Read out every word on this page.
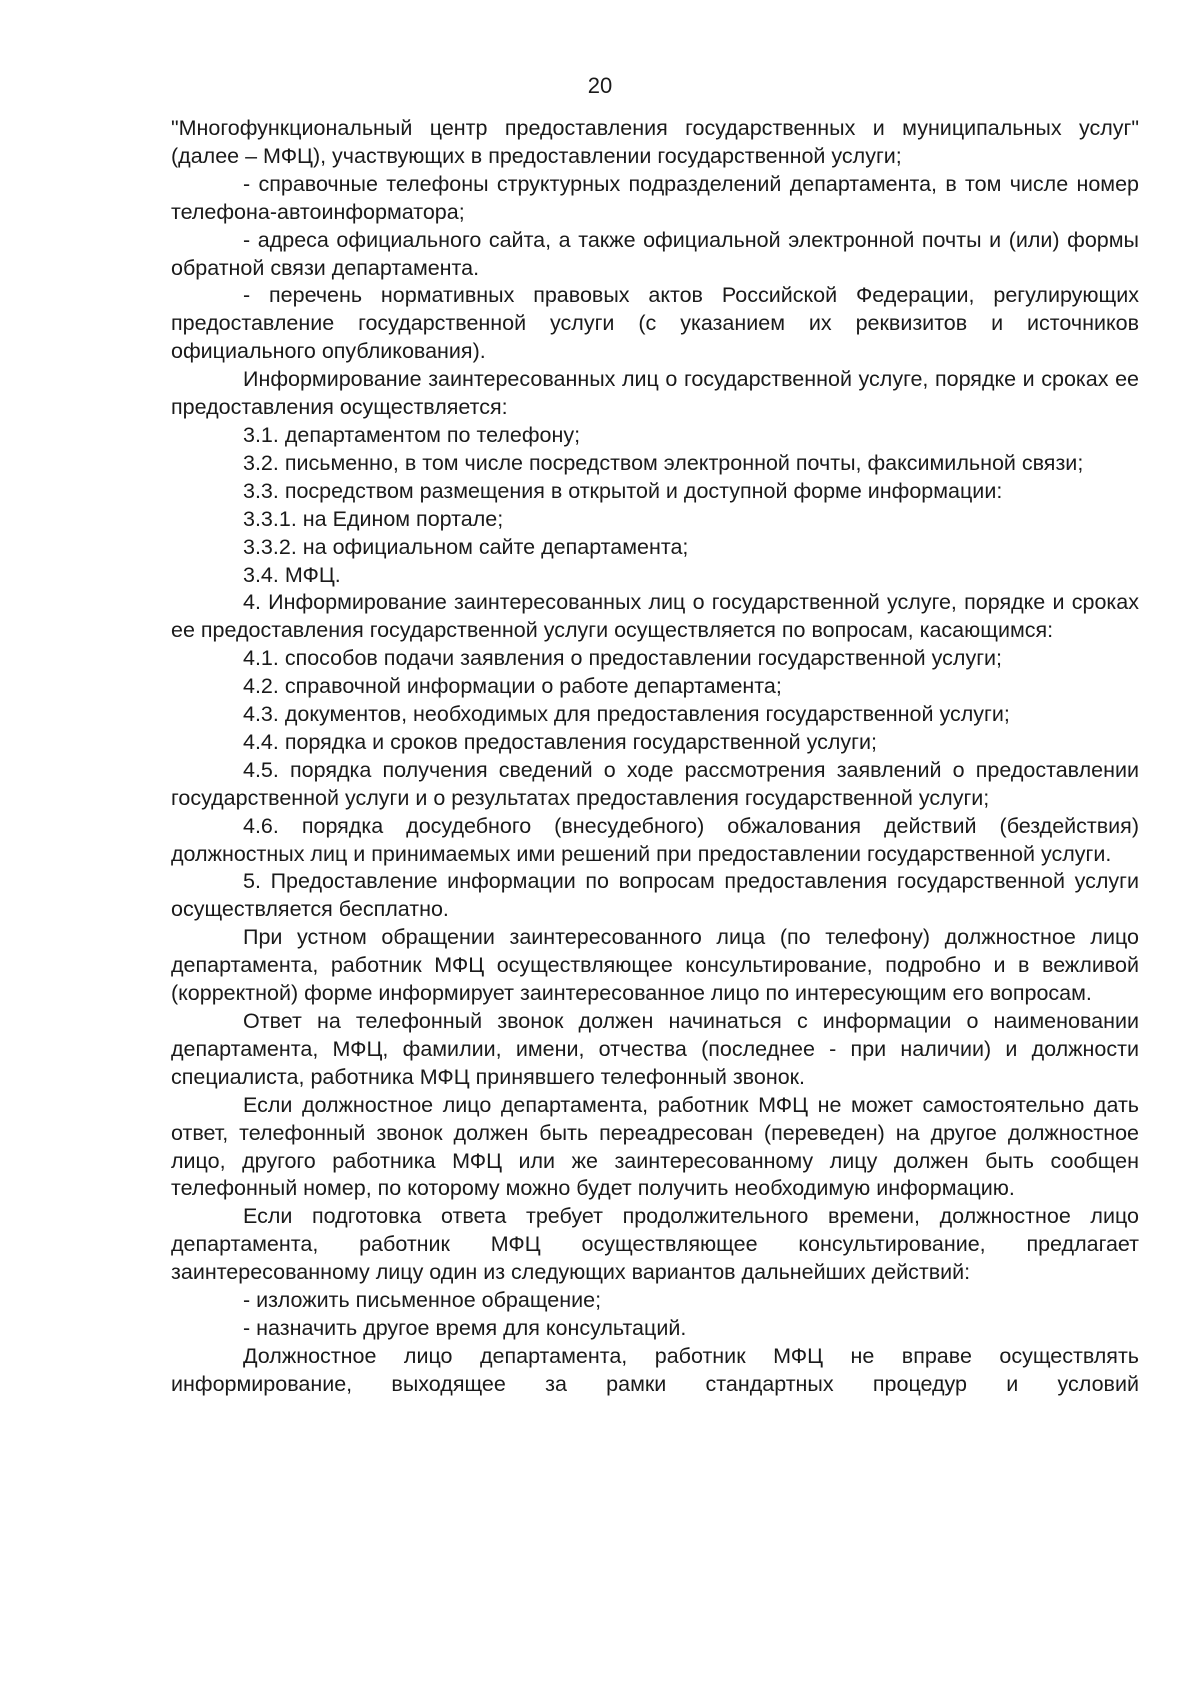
20

"Многофункциональный центр предоставления государственных и муниципальных услуг" (далее – МФЦ), участвующих в предоставлении государственной услуги;

- справочные телефоны структурных подразделений департамента, в том числе номер телефона-автоинформатора;

- адреса официального сайта, а также официальной электронной почты и (или) формы обратной связи департамента.

- перечень нормативных правовых актов Российской Федерации, регулирующих предоставление государственной услуги (с указанием их реквизитов и источников официального опубликования).

Информирование заинтересованных лиц о государственной услуге, порядке и сроках ее предоставления осуществляется:

3.1. департаментом по телефону;

3.2. письменно, в том числе посредством электронной почты, факсимильной связи;

3.3. посредством размещения в открытой и доступной форме информации:

3.3.1. на Едином портале;

3.3.2. на официальном сайте департамента;

3.4. МФЦ.

4. Информирование заинтересованных лиц о государственной услуге, порядке и сроках ее предоставления государственной услуги осуществляется по вопросам, касающимся:

4.1. способов подачи заявления о предоставлении государственной услуги;

4.2. справочной информации о работе департамента;

4.3. документов, необходимых для предоставления государственной услуги;

4.4. порядка и сроков предоставления государственной услуги;

4.5. порядка получения сведений о ходе рассмотрения заявлений о предоставлении государственной услуги и о результатах предоставления государственной услуги;

4.6. порядка досудебного (внесудебного) обжалования действий (бездействия) должностных лиц и принимаемых ими решений при предоставлении государственной услуги.

5. Предоставление информации по вопросам предоставления государственной услуги осуществляется бесплатно.

При устном обращении заинтересованного лица (по телефону) должностное лицо департамента, работник МФЦ осуществляющее консультирование, подробно и в вежливой (корректной) форме информирует заинтересованное лицо по интересующим его вопросам.

Ответ на телефонный звонок должен начинаться с информации о наименовании департамента, МФЦ, фамилии, имени, отчества (последнее - при наличии) и должности специалиста, работника МФЦ принявшего телефонный звонок.

Если должностное лицо департамента, работник МФЦ не может самостоятельно дать ответ, телефонный звонок должен быть переадресован (переведен) на другое должностное лицо, другого работника МФЦ или же заинтересованному лицу должен быть сообщен телефонный номер, по которому можно будет получить необходимую информацию.

Если подготовка ответа требует продолжительного времени, должностное лицо департамента, работник МФЦ осуществляющее консультирование, предлагает заинтересованному лицу один из следующих вариантов дальнейших действий:

- изложить письменное обращение;

- назначить другое время для консультаций.

Должностное лицо департамента, работник МФЦ не вправе осуществлять информирование, выходящее за рамки стандартных процедур и условий
